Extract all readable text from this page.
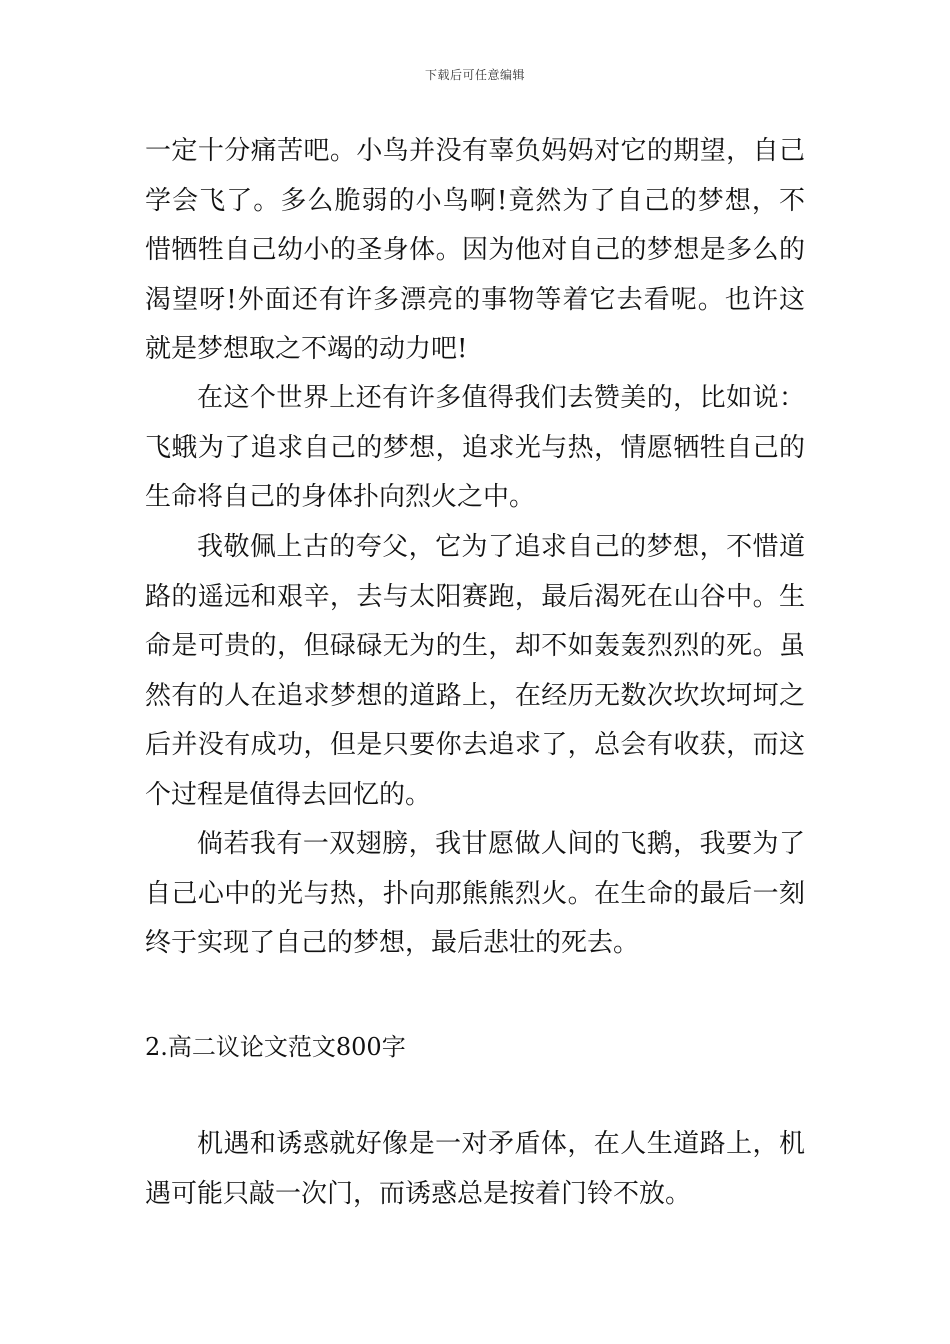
下载后可任意编辑

一定十分痛苦吧。小鸟并没有辜负妈妈对它的期望，自己学会飞了。多么脆弱的小鸟啊!竟然为了自己的梦想，不惜牺牲自己幼小的圣身体。因为他对自己的梦想是多么的渴望呀!外面还有许多漂亮的事物等着它去看呢。也许这就是梦想取之不竭的动力吧!

在这个世界上还有许多值得我们去赞美的，比如说：飞蛾为了追求自己的梦想，追求光与热，情愿牺牲自己的生命将自己的身体扑向烈火之中。

我敬佩上古的夸父，它为了追求自己的梦想，不惜道路的遥远和艰辛，去与太阳赛跑，最后渴死在山谷中。生命是可贵的，但碌碌无为的生，却不如轰轰烈烈的死。虽然有的人在追求梦想的道路上，在经历无数次坎坎坷坷之后并没有成功，但是只要你去追求了，总会有收获，而这个过程是值得去回忆的。

倘若我有一双翅膀，我甘愿做人间的飞鹅，我要为了自己心中的光与热，扑向那熊熊烈火。在生命的最后一刻终于实现了自己的梦想，最后悲壮的死去。

2.高二议论文范文800字

机遇和诱惑就好像是一对矛盾体，在人生道路上，机遇可能只敲一次门，而诱惑总是按着门铃不放。
